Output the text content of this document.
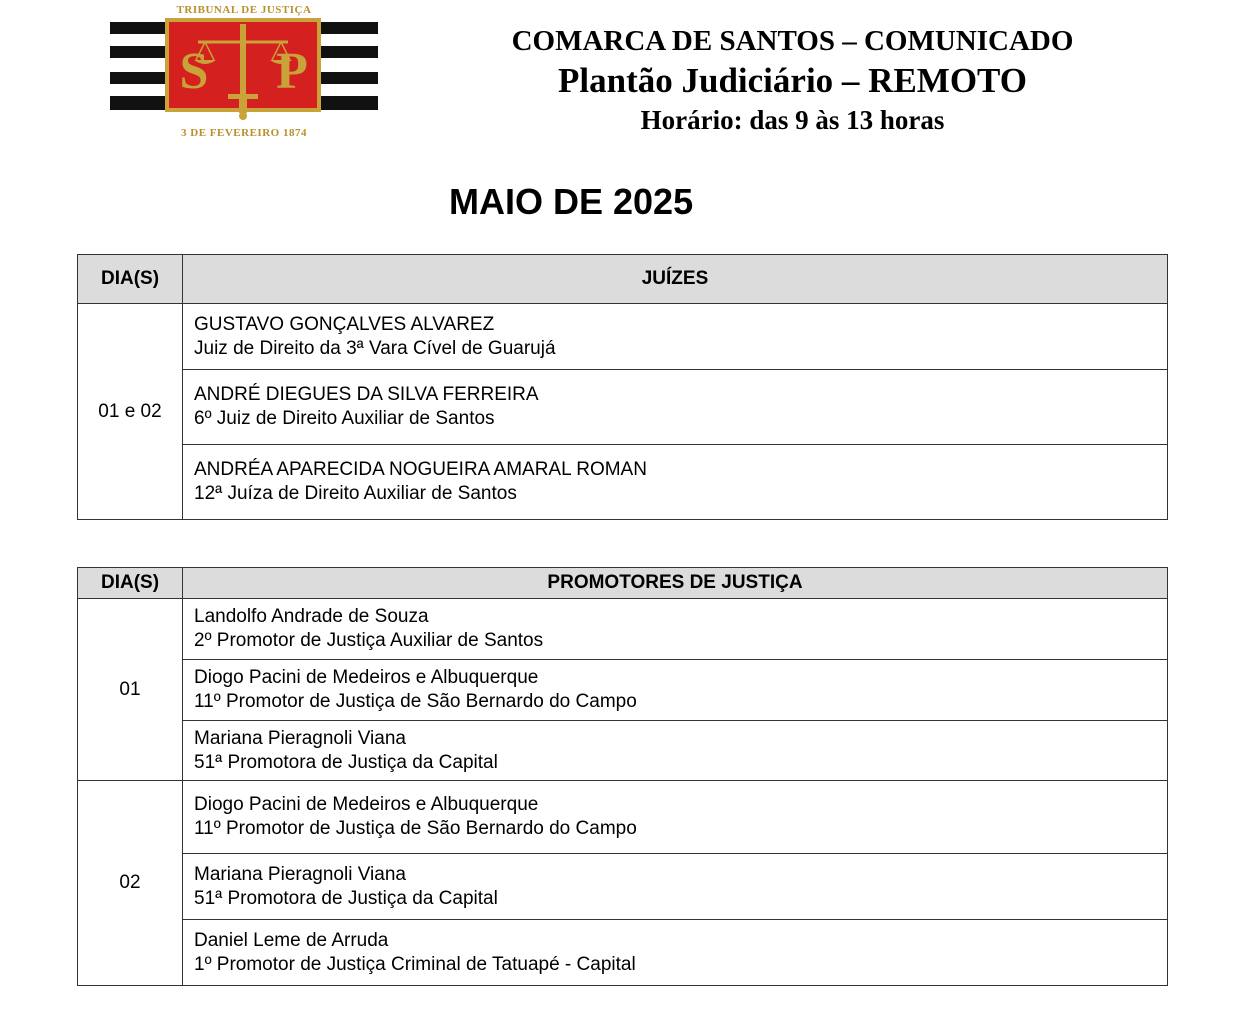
TRIBUNAL DE JUSTIÇA
S P
3 DE FEVEREIRO 1874
COMARCA DE SANTOS – COMUNICADO
Plantão Judiciário – REMOTO
Horário: das 9 às 13 horas
MAIO DE 2025
DIA(S)	JUÍZES
01 e 02	GUSTAVO GONÇALVES ALVAREZ
Juiz de Direito da 3ª Vara Cível de Guarujá

	ANDRÉ DIEGUES DA SILVA FERREIRA
6º Juiz de Direito Auxiliar de Santos

	ANDRÉA APARECIDA NOGUEIRA AMARAL ROMAN
12ª Juíza de Direito Auxiliar de Santos
DIA(S)	PROMOTORES DE JUSTIÇA
01	Landolfo Andrade de Souza
2º Promotor de Justiça Auxiliar de Santos

	Diogo Pacini de Medeiros e Albuquerque
11º Promotor de Justiça de São Bernardo do Campo

	Mariana Pieragnoli Viana
51ª Promotora de Justiça da Capital

02	Diogo Pacini de Medeiros e Albuquerque
11º Promotor de Justiça de São Bernardo do Campo

	Mariana Pieragnoli Viana
51ª Promotora de Justiça da Capital

	Daniel Leme de Arruda
1º Promotor de Justiça Criminal de Tatuapé - Capital
